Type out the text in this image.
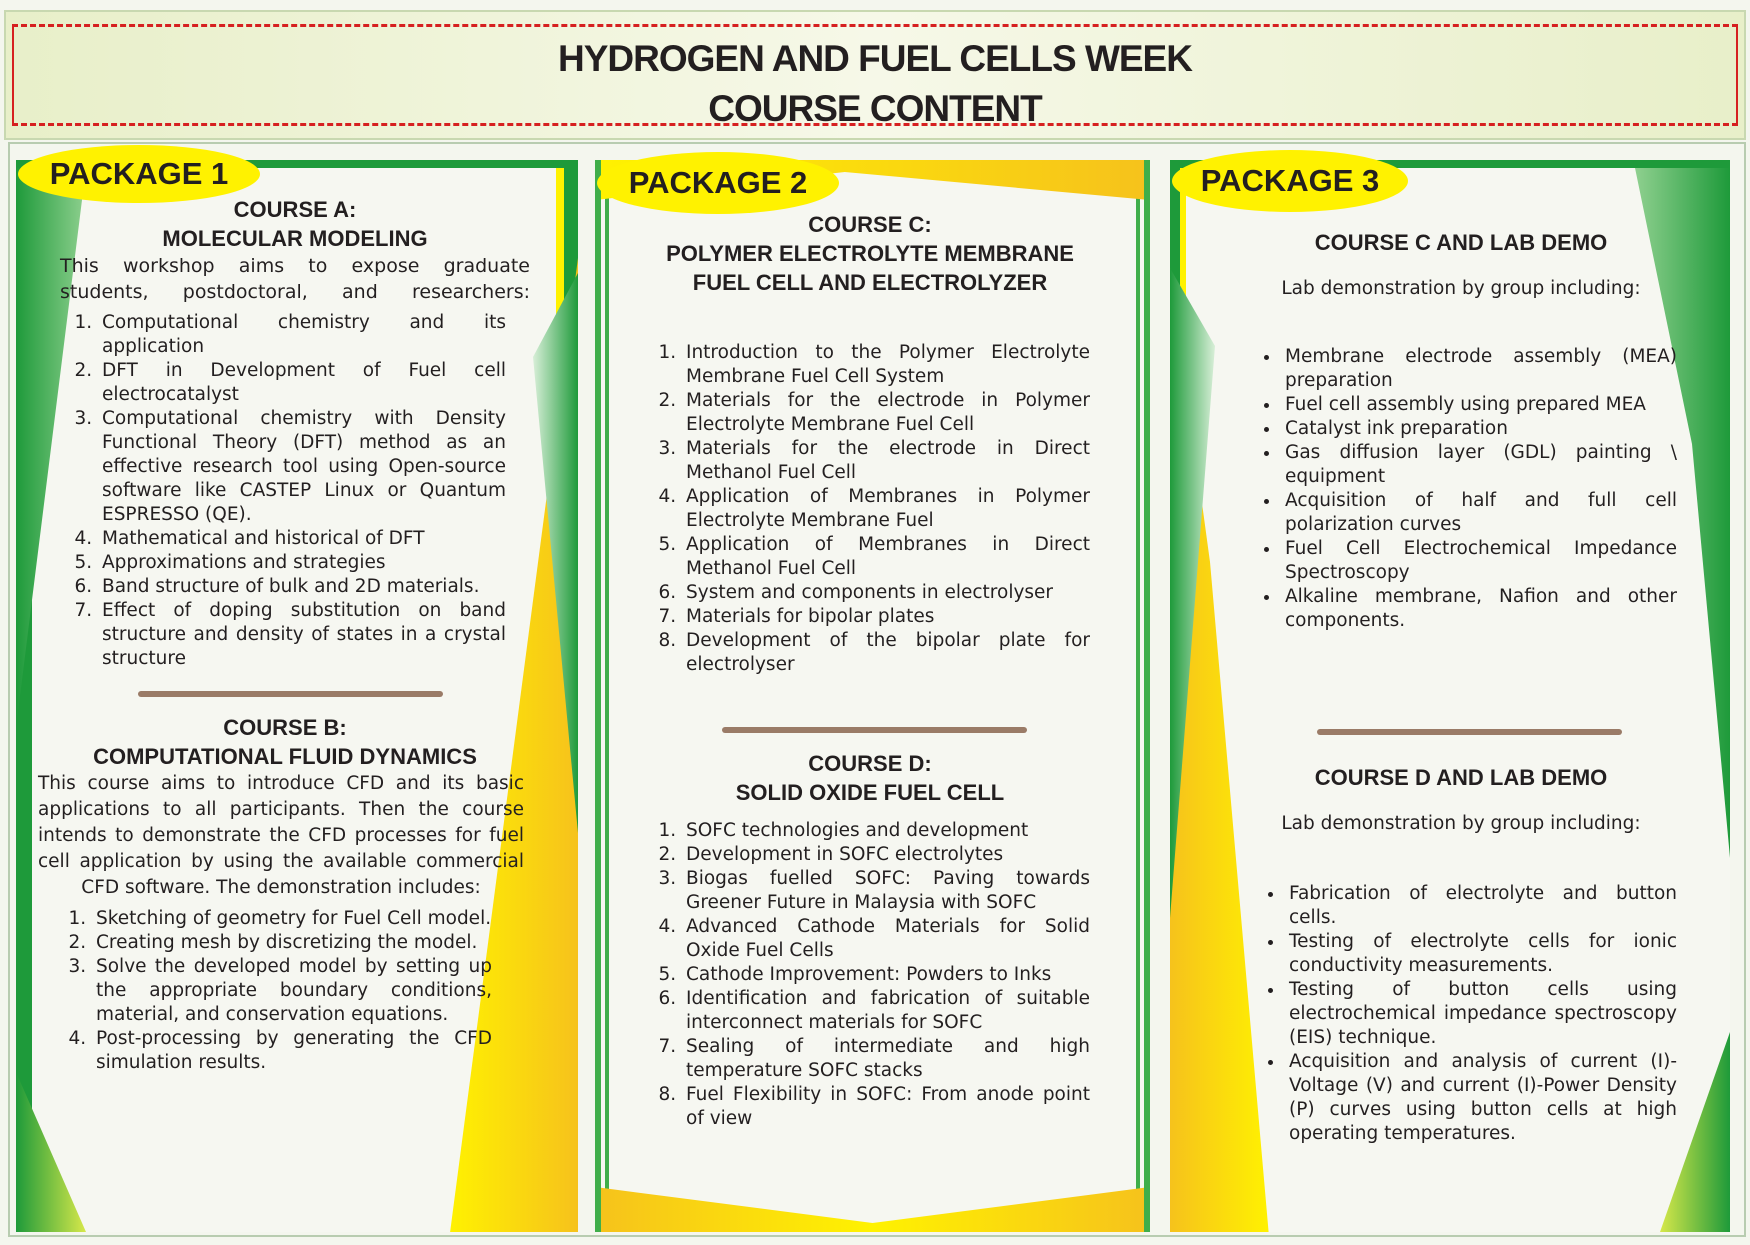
HYDROGEN AND FUEL CELLS WEEK
COURSE CONTENT
PACKAGE 1
COURSE A:
MOLECULAR MODELING

This workshop aims to expose graduate students, postdoctoral, and researchers:

1. Computational chemistry and its application
2. DFT in Development of Fuel cell electrocatalyst
3. Computational chemistry with Density Functional Theory (DFT) method as an effective research tool using Open-source software like CASTEP Linux or Quantum ESPRESSO (QE).
4. Mathematical and historical of DFT
5. Approximations and strategies
6. Band structure of bulk and 2D materials.
7. Effect of doping substitution on band structure and density of states in a crystal structure
COURSE B:
COMPUTATIONAL FLUID DYNAMICS

This course aims to introduce CFD and its basic applications to all participants. Then the course intends to demonstrate the CFD processes for fuel cell application by using the available commercial CFD software. The demonstration includes:

1. Sketching of geometry for Fuel Cell model.
2. Creating mesh by discretizing the model.
3. Solve the developed model by setting up the appropriate boundary conditions, material, and conservation equations.
4. Post-processing by generating the CFD simulation results.
PACKAGE 2
COURSE C:
POLYMER ELECTROLYTE MEMBRANE FUEL CELL AND ELECTROLYZER
1. Introduction to the Polymer Electrolyte Membrane Fuel Cell System
2. Materials for the electrode in Polymer Electrolyte Membrane Fuel Cell
3. Materials for the electrode in Direct Methanol Fuel Cell
4. Application of Membranes in Polymer Electrolyte Membrane Fuel
5. Application of Membranes in Direct Methanol Fuel Cell
6. System and components in electrolyser
7. Materials for bipolar plates
8. Development of the bipolar plate for electrolyser
COURSE D:
SOLID OXIDE FUEL CELL
1. SOFC technologies and development
2. Development in SOFC electrolytes
3. Biogas fuelled SOFC: Paving towards Greener Future in Malaysia with SOFC
4. Advanced Cathode Materials for Solid Oxide Fuel Cells
5. Cathode Improvement: Powders to Inks
6. Identification and fabrication of suitable interconnect materials for SOFC
7. Sealing of intermediate and high temperature SOFC stacks
8. Fuel Flexibility in SOFC: From anode point of view
PACKAGE 3
COURSE C AND LAB DEMO

Lab demonstration by group including:

• Membrane electrode assembly (MEA) preparation
• Fuel cell assembly using prepared MEA
• Catalyst ink preparation
• Gas diffusion layer (GDL) painting \ equipment
• Acquisition of half and full cell polarization curves
• Fuel Cell Electrochemical Impedance Spectroscopy
• Alkaline membrane, Nafion and other components.
COURSE D AND LAB DEMO

Lab demonstration by group including:

• Fabrication of electrolyte and button cells.
• Testing of electrolyte cells for ionic conductivity measurements.
• Testing of button cells using electrochemical impedance spectroscopy (EIS) technique.
• Acquisition and analysis of current (I)-Voltage (V) and current (I)-Power Density (P) curves using button cells at high operating temperatures.
